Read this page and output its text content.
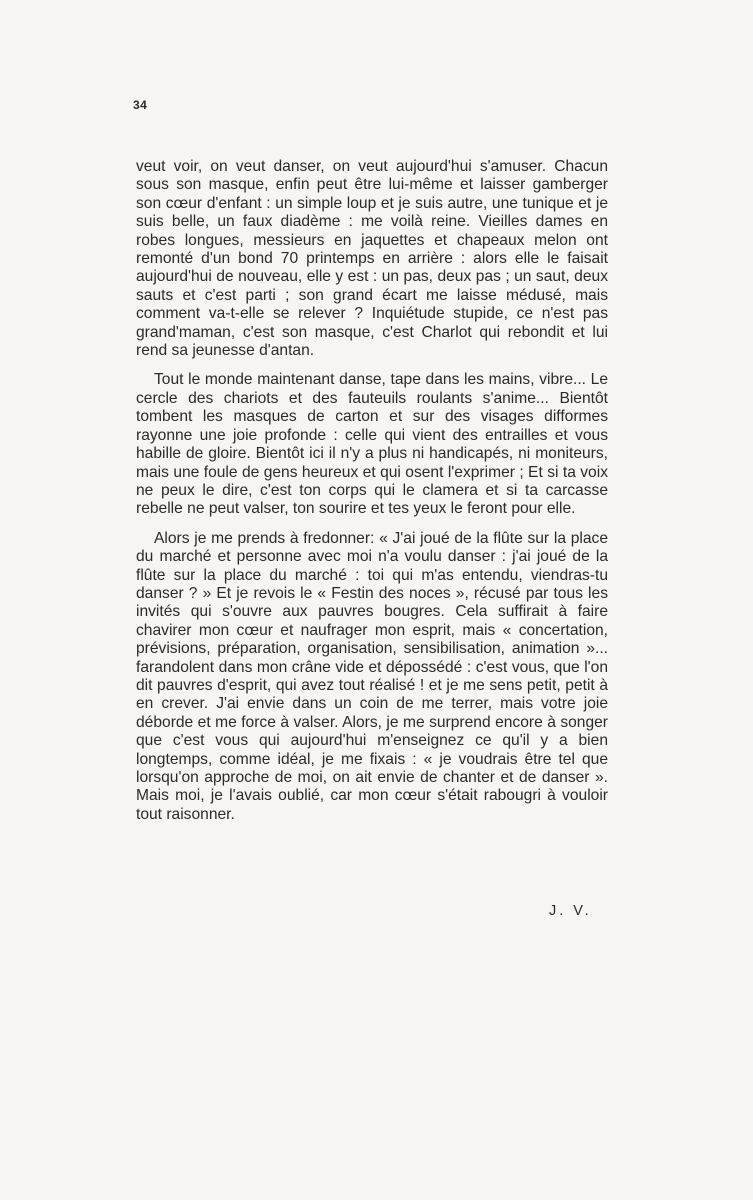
34

veut voir, on veut danser, on veut aujourd'hui s'amuser. Chacun sous son masque, enfin peut être lui-même et laisser gamberger son cœur d'enfant : un simple loup et je suis autre, une tunique et je suis belle, un faux diadème : me voilà reine. Vieilles dames en robes longues, messieurs en jaquettes et chapeaux melon ont remonté d'un bond 70 printemps en arrière : alors elle le faisait aujourd'hui de nouveau, elle y est : un pas, deux pas ; un saut, deux sauts et c'est parti ; son grand écart me laisse médusé, mais comment va-t-elle se relever ? Inquiétude stupide, ce n'est pas grand'maman, c'est son masque, c'est Charlot qui rebondit et lui rend sa jeunesse d'antan.

Tout le monde maintenant danse, tape dans les mains, vibre... Le cercle des chariots et des fauteuils roulants s'anime... Bientôt tombent les masques de carton et sur des visages difformes rayonne une joie profonde : celle qui vient des entrailles et vous habille de gloire. Bientôt ici il n'y a plus ni handicapés, ni moniteurs, mais une foule de gens heureux et qui osent l'exprimer ; Et si ta voix ne peux le dire, c'est ton corps qui le clamera et si ta carcasse rebelle ne peut valser, ton sourire et tes yeux le feront pour elle.

Alors je me prends à fredonner: « J'ai joué de la flûte sur la place du marché et personne avec moi n'a voulu danser : j'ai joué de la flûte sur la place du marché : toi qui m'as entendu, viendras-tu danser ? » Et je revois le « Festin des noces », récusé par tous les invités qui s'ouvre aux pauvres bougres. Cela suffirait à faire chavirer mon cœur et naufrager mon esprit, mais « concertation, prévisions, préparation, organisation, sensibilisation, animation »... farandolent dans mon crâne vide et dépossédé : c'est vous, que l'on dit pauvres d'esprit, qui avez tout réalisé ! et je me sens petit, petit à en crever. J'ai envie dans un coin de me terrer, mais votre joie déborde et me force à valser. Alors, je me surprend encore à songer que c'est vous qui aujourd'hui m'enseignez ce qu'il y a bien longtemps, comme idéal, je me fixais : « je voudrais être tel que lorsqu'on approche de moi, on ait envie de chanter et de danser ». Mais moi, je l'avais oublié, car mon cœur s'était rabougri à vouloir tout raisonner.

J. V.
